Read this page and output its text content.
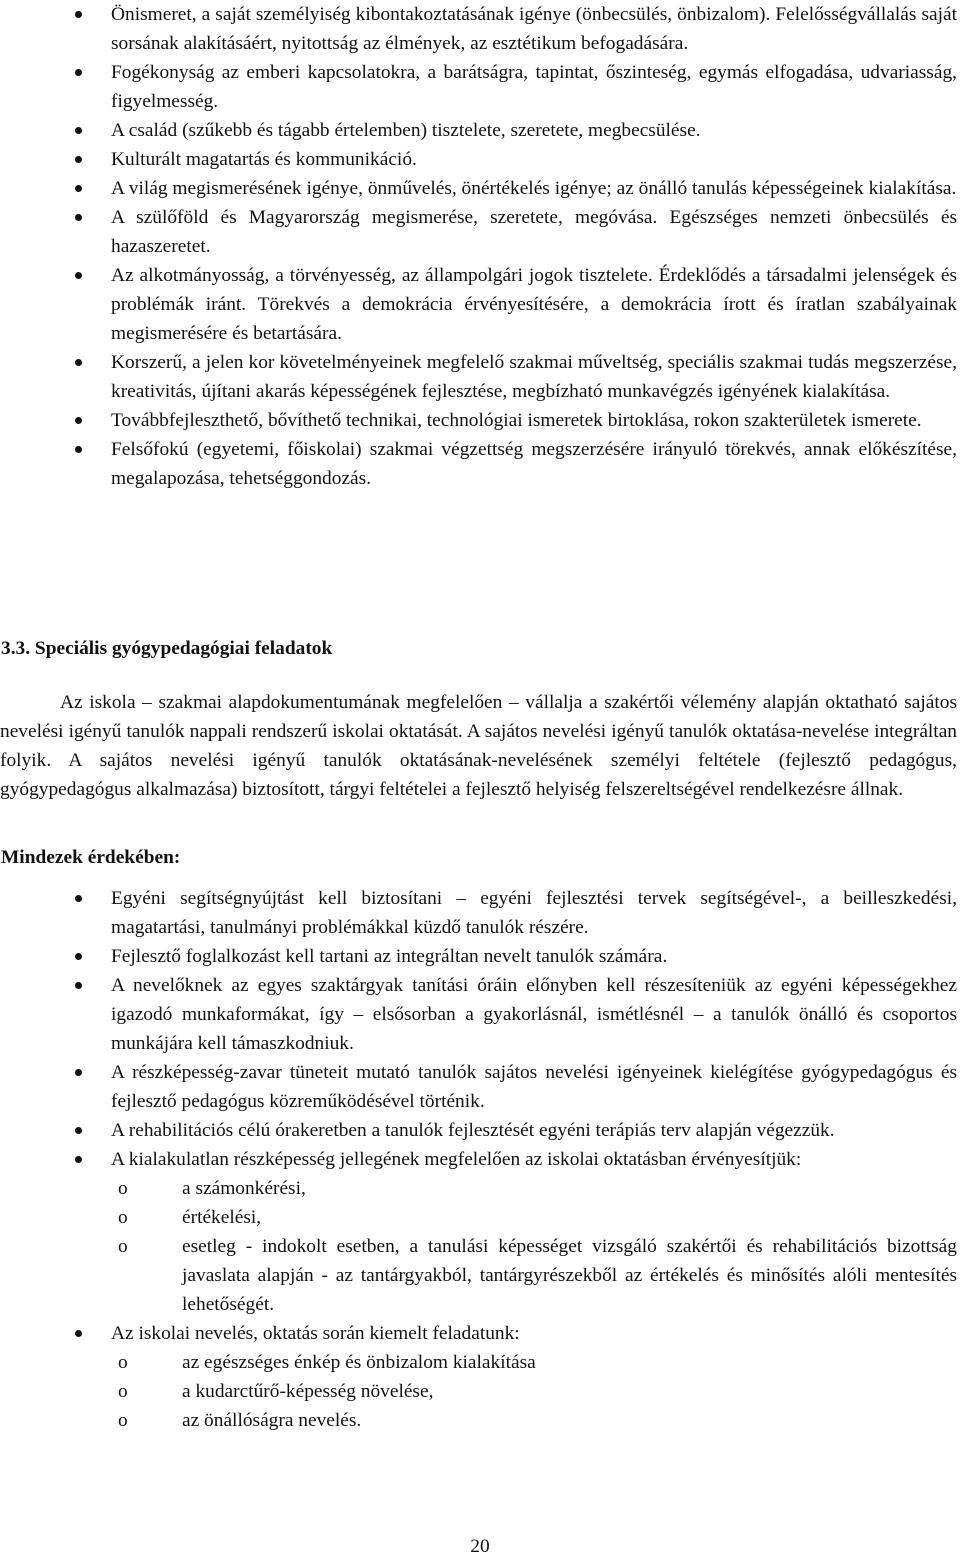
Önismeret, a saját személyiség kibontakoztatásának igénye (önbecsülés, önbizalom). Felelősségvállalás saját sorsának alakításáért, nyitottság az élmények, az esztétikum befogadására.
Fogékonyság az emberi kapcsolatokra, a barátságra, tapintat, őszinteség, egymás elfogadása, udvariasság, figyelmesség.
A család (szűkebb és tágabb értelemben) tisztelete, szeretete, megbecsülése.
Kulturált magatartás és kommunikáció.
A világ megismerésének igénye, önművelés, önértékelés igénye; az önálló tanulás képességeinek kialakítása.
A szülőföld és Magyarország megismerése, szeretete, megóvása. Egészséges nemzeti önbecsülés és hazaszeretet.
Az alkotmányosság, a törvényesség, az állampolgári jogok tisztelete. Érdeklődés a társadalmi jelenségek és problémák iránt. Törekvés a demokrácia érvényesítésére, a demokrácia írott és íratlan szabályainak megismerésére és betartására.
Korszerű, a jelen kor követelményeinek megfelelő szakmai műveltség, speciális szakmai tudás megszerzése, kreativitás, újítani akarás képességének fejlesztése, megbízható munkavégzés igényének kialakítása.
Továbbfejleszthető, bővíthető technikai, technológiai ismeretek birtoklása, rokon szakterületek ismerete.
Felsőfokú (egyetemi, főiskolai) szakmai végzettség megszerzésére irányuló törekvés, annak előkészítése, megalapozása, tehetséggondozás.
3.3. Speciális gyógypedagógiai feladatok

Az iskola – szakmai alapdokumentumának megfelelően – vállalja a szakértői vélemény alapján oktatható sajátos nevelési igényű tanulók nappali rendszerű iskolai oktatását. A sajátos nevelési igényű tanulók oktatása-nevelése integráltan folyik. A sajátos nevelési igényű tanulók oktatásának-nevelésének személyi feltétele (fejlesztő pedagógus, gyógypedagógus alkalmazása) biztosított, tárgyi feltételei a fejlesztő helyiség felszereltségével rendelkezésre állnak.

Mindezek érdekében:
Egyéni segítségnyújtást kell biztosítani – egyéni fejlesztési tervek segítségével-, a beilleszkedési, magatartási, tanulmányi problémákkal küzdő tanulók részére.
Fejlesztő foglalkozást kell tartani az integráltan nevelt tanulók számára.
A nevelőknek az egyes szaktárgyak tanítási óráin előnyben kell részesíteniük az egyéni képességekhez igazodó munkaformákat, így – elsősorban a gyakorlásnál, ismétlésnél – a tanulók önálló és csoportos munkájára kell támaszkodniuk.
A részképesség-zavar tüneteit mutató tanulók sajátos nevelési igényeinek kielégítése gyógypedagógus és fejlesztő pedagógus közreműködésével történik.
A rehabilitációs célú órakeretben a tanulók fejlesztését egyéni terápiás terv alapján végezzük.
A kialakulatlan részképesség jellegének megfelelően az iskolai oktatásban érvényesítjük:
o a számonkérési,
o értékelési,
o esetleg - indokolt esetben, a tanulási képességet vizsgáló szakértői és rehabilitációs bizottság javaslata alapján - az tantárgyakból, tantárgyrészekből az értékelés és minősítés alóli mentesítés lehetőségét.
Az iskolai nevelés, oktatás során kiemelt feladatunk:
o az egészséges énkép és önbizalom kialakítása
o a kudarctűrő-képesség növelése,
o az önállóságra nevelés.
20
